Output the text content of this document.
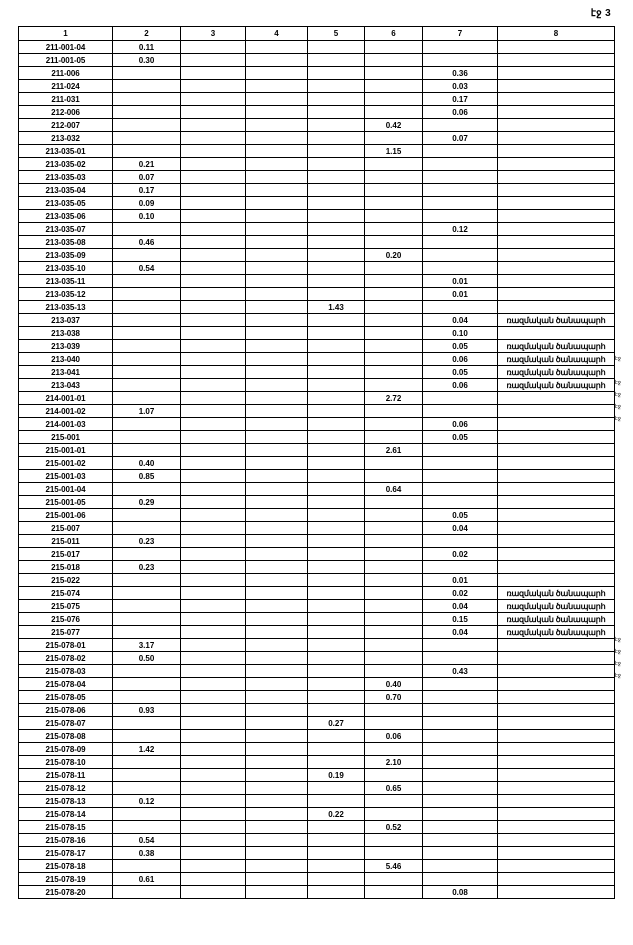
էջ 3
1	2	3	4	5	6	7	8
211-001-04	0.11						
211-001-05	0.30						
211-006						0.36	
211-024						0.03	
211-031						0.17	
212-006						0.06	
212-007					0.42		
213-032						0.07	
213-035-01					1.15		
213-035-02	0.21						
213-035-03	0.07						
213-035-04	0.17						
213-035-05	0.09						
213-035-06	0.10						
213-035-07						0.12	
213-035-08	0.46						
213-035-09					0.20		
213-035-10	0.54						
213-035-11						0.01	
213-035-12						0.01	
213-035-13				1.43			
213-037						0.04	ռազմական ծանապարհ
213-038						0.10	
213-039						0.05	ռազմական ծանապարհ
213-040						0.06	ռազմական ծանապարհ
213-041						0.05	ռազմական ծանապարհ
213-043						0.06	ռազմական ծանապարհ
214-001-01					2.72		
214-001-02	1.07						
214-001-03						0.06	
215-001						0.05	
215-001-01					2.61		
215-001-02	0.40						
215-001-03	0.85						
215-001-04					0.64		
215-001-05	0.29						
215-001-06						0.05	
215-007						0.04	
215-011	0.23						
215-017						0.02	
215-018	0.23						
215-022						0.01	
215-074						0.02	ռազմական ծանապարհ
215-075						0.04	ռազմական ծանապարհ
215-076						0.15	ռազմական ծանապարհ
215-077						0.04	ռազմական ծանապարհ
215-078-01	3.17						
215-078-02	0.50						
215-078-03						0.43	
215-078-04					0.40		
215-078-05					0.70		
215-078-06	0.93						
215-078-07				0.27			
215-078-08					0.06		
215-078-09	1.42						
215-078-10					2.10		
215-078-11				0.19			
215-078-12					0.65		
215-078-13	0.12						
215-078-14				0.22			
215-078-15					0.52		
215-078-16	0.54						
215-078-17	0.38						
215-078-18					5.46		
215-078-19	0.61						
215-078-20						0.08	
էջ
էջ
էջ
էջ
էջ
էջ
էջ
էջ
էջ
